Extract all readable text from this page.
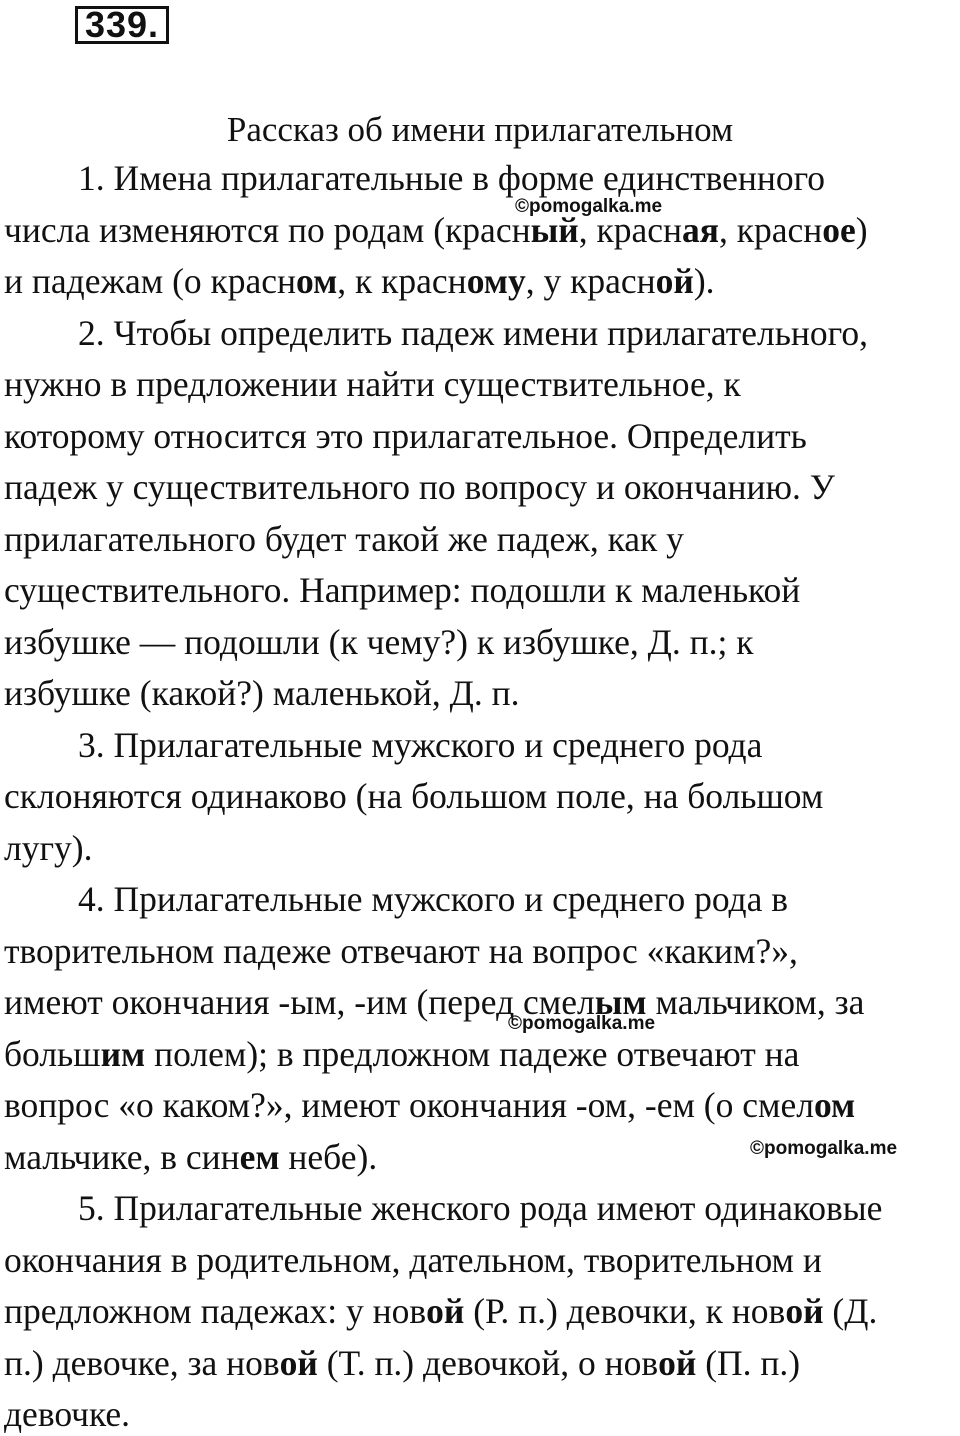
339.
Рассказ об имени прилагательном
1. Имена прилагательные в форме единственного
числа изменяются по родам (красный, красная, красное)
и падежам (о красном, к красному, у красной).
2. Чтобы определить падеж имени прилагательного,
нужно в предложении найти существительное, к
которому относится это прилагательное. Определить
падеж у существительного по вопросу и окончанию. У
прилагательного будет такой же падеж, как у
существительного. Например: подошли к маленькой
избушке — подошли (к чему?) к избушке, Д. п.; к
избушке (какой?) маленькой, Д. п.
3. Прилагательные мужского и среднего рода
склоняются одинаково (на большом поле, на большом
лугу).
4. Прилагательные мужского и среднего рода в
творительном падеже отвечают на вопрос «каким?»,
имеют окончания -ым, -им (перед смелым мальчиком, за
большим полем); в предложном падеже отвечают на
вопрос «о каком?», имеют окончания -ом, -ем (о смелом
мальчике, в синем небе).
5. Прилагательные женского рода имеют одинаковые
окончания в родительном, дательном, творительном и
предложном падежах: у новой (Р. п.) девочки, к новой (Д.
п.) девочке, за новой (Т. п.) девочкой, о новой (П. п.)
девочке.
©pomogalka.me
©pomogalka.me
©pomogalka.me
